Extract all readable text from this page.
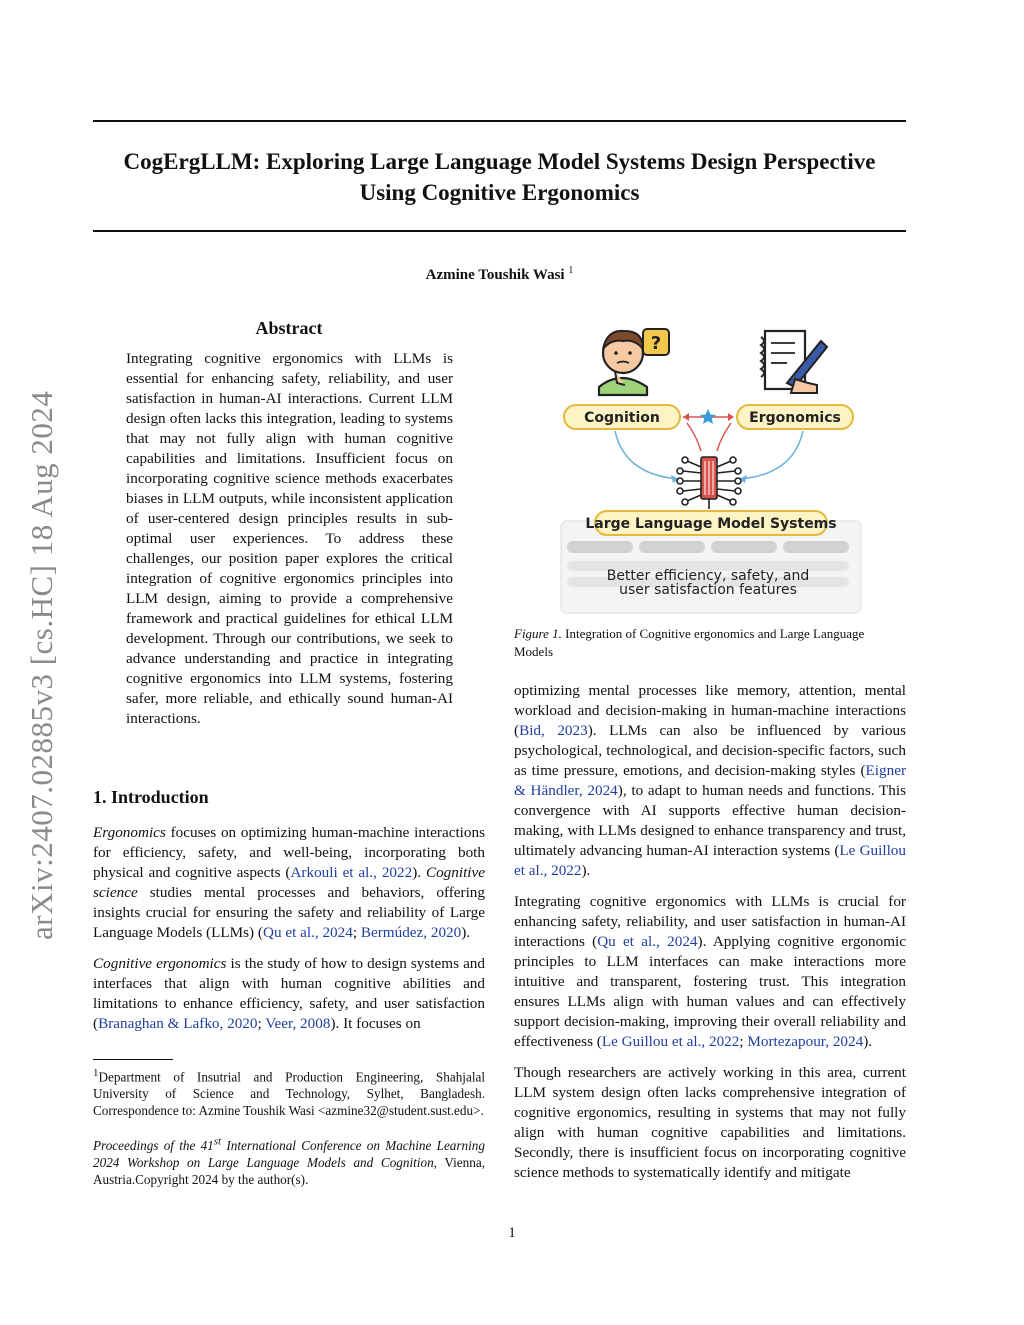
CogErgLLM: Exploring Large Language Model Systems Design Perspective
Using Cognitive Ergonomics
Azmine Toushik Wasi $^1$
arXiv:2407.02885v3 [cs.HC] 18 Aug 2024
Abstract
Integrating cognitive ergonomics with LLMs is essential for enhancing safety, reliability, and user satisfaction in human-AI interactions. Current LLM design often lacks this integration, leading to systems that may not fully align with human cognitive capabilities and limitations. Insufficient focus on incorporating cognitive science methods exacerbates biases in LLM outputs, while inconsistent application of user-centered design principles results in sub-optimal user experiences. To address these challenges, our position paper explores the critical integration of cognitive ergonomics principles into LLM design, aiming to provide a comprehensive framework and practical guidelines for ethical LLM development. Through our contributions, we seek to advance understanding and practice in integrating cognitive ergonomics into LLM systems, fostering safer, more reliable, and ethically sound human-AI interactions.
1. Introduction

Ergonomics focuses on optimizing human-machine interactions for efficiency, safety, and well-being, incorporating both physical and cognitive aspects (Arkouli et al., 2022). Cognitive science studies mental processes and behaviors, offering insights crucial for ensuring the safety and reliability of Large Language Models (LLMs) (Qu et al., 2024; Bermúdez, 2020).

Cognitive ergonomics is the study of how to design systems and interfaces that align with human cognitive abilities and limitations to enhance efficiency, safety, and user satisfaction (Branaghan & Lafko, 2020; Veer, 2008). It focuses on

$^1$Department of Insutrial and Production Engineering, Shahjalal University of Science and Technology, Sylhet, Bangladesh. Correspondence to: Azmine Toushik Wasi <azmine32@student.sust.edu>.

Proceedings of the 41st International Conference on Machine Learning 2024 Workshop on Large Language Models and Cognition, Vienna, Austria.Copyright 2024 by the author(s).

?
Cognition	Ergonomics
Large Language Model Systems
Better efficiency, safety, and
user satisfaction features
Figure 1. Integration of Cognitive ergonomics and Large Language Models

optimizing mental processes like memory, attention, mental workload and decision-making in human-machine interactions (Bid, 2023). LLMs can also be influenced by various psychological, technological, and decision-specific factors, such as time pressure, emotions, and decision-making styles (Eigner & Händler, 2024), to adapt to human needs and functions. This convergence with AI supports effective human decision-making, with LLMs designed to enhance transparency and trust, ultimately advancing human-AI interaction systems (Le Guillou et al., 2022).

Integrating cognitive ergonomics with LLMs is crucial for enhancing safety, reliability, and user satisfaction in human-AI interactions (Qu et al., 2024). Applying cognitive ergonomic principles to LLM interfaces can make interactions more intuitive and transparent, fostering trust. This integration ensures LLMs align with human values and can effectively support decision-making, improving their overall reliability and effectiveness (Le Guillou et al., 2022; Mortezapour, 2024).

Though researchers are actively working in this area, current LLM system design often lacks comprehensive integration of cognitive ergonomics, resulting in systems that may not fully align with human cognitive capabilities and limitations. Secondly, there is insufficient focus on incorporating cognitive science methods to systematically identify and mitigate

1
